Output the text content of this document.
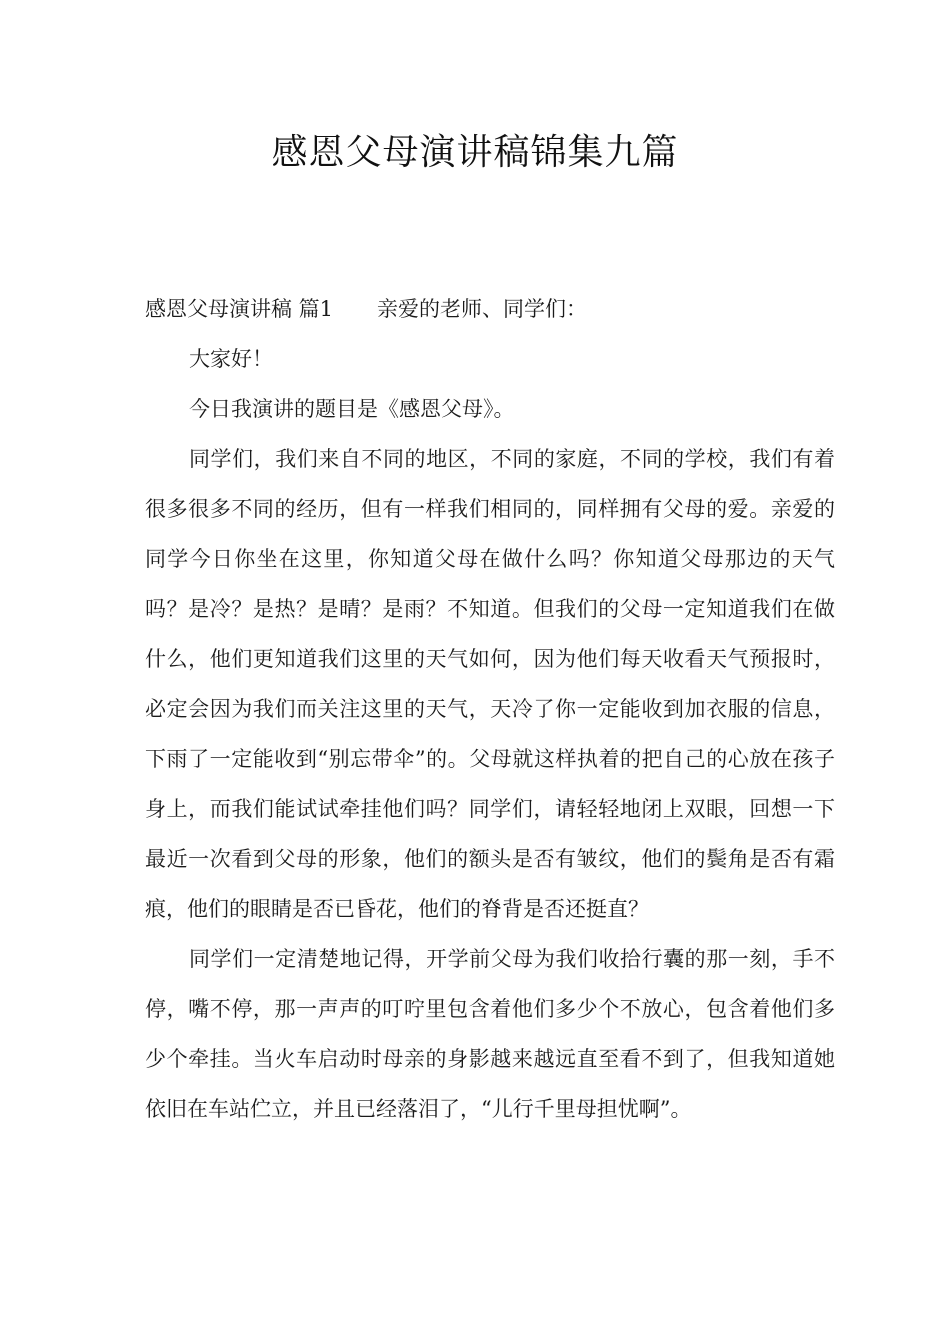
感恩父母演讲稿锦集九篇
感恩父母演讲稿 篇1 亲爱的老师、同学们：

大家好！

今日我演讲的题目是《感恩父母》。

同学们，我们来自不同的地区，不同的家庭，不同的学校，我们有着很多很多不同的经历，但有一样我们相同的，同样拥有父母的爱。亲爱的同学今日你坐在这里，你知道父母在做什么吗？你知道父母那边的天气吗？是冷？是热？是晴？是雨？不知道。但我们的父母一定知道我们在做什么，他们更知道我们这里的天气如何，因为他们每天收看天气预报时，必定会因为我们而关注这里的天气，天冷了你一定能收到加衣服的信息，下雨了一定能收到“别忘带伞”的。父母就这样执着的把自己的心放在孩子身上，而我们能试试牵挂他们吗？同学们，请轻轻地闭上双眼，回想一下最近一次看到父母的形象，他们的额头是否有皱纹，他们的鬓角是否有霜痕，他们的眼睛是否已昏花，他们的脊背是否还挺直？

同学们一定清楚地记得，开学前父母为我们收拾行囊的那一刻，手不停，嘴不停，那一声声的叮咛里包含着他们多少个不放心，包含着他们多少个牵挂。当火车启动时母亲的身影越来越远直至看不到了，但我知道她依旧在车站伫立，并且已经落泪了，“儿行千里母担忧啊”。
